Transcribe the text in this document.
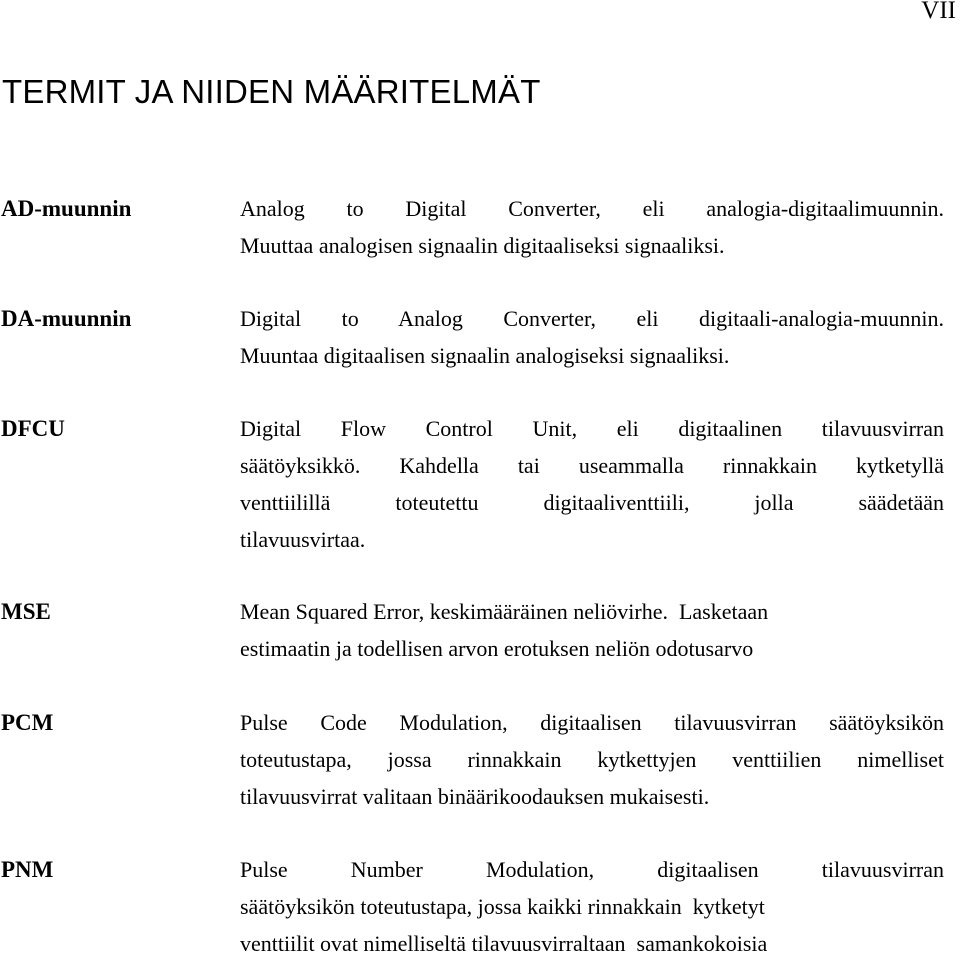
VII
TERMIT JA NIIDEN MÄÄRITELMÄT
AD-muunnin	Analog to Digital Converter, eli analogia-digitaalimuunnin.
Muuttaa analogisen signaalin digitaaliseksi signaaliksi.
DA-muunnin	Digital to Analog Converter, eli digitaali-analogia-muunnin.
Muuntaa digitaalisen signaalin analogiseksi signaaliksi.
DFCU	Digital Flow Control Unit, eli digitaalinen tilavuusvirran
säätöyksikkö. Kahdella tai useammalla rinnakkain kytketyllä
venttiilillä toteutettu digitaaliventtiili, jolla säädetään
tilavuusvirtaa.
MSE	Mean Squared Error, keskimääräinen neliövirhe.  Lasketaan
estimaatin ja todellisen arvon erotuksen neliön odotusarvo
PCM	Pulse Code Modulation, digitaalisen tilavuusvirran säätöyksikön
toteutustapa, jossa rinnakkain kytkettyjen venttiilien nimelliset
tilavuusvirrat valitaan binäärikoodauksen mukaisesti.
PNM	Pulse Number Modulation, digitaalisen tilavuusvirran
säätöyksikön toteutustapa, jossa kaikki rinnakkain  kytketyt
venttiilit ovat nimelliseltä tilavuusvirraltaan  samankokoisia
